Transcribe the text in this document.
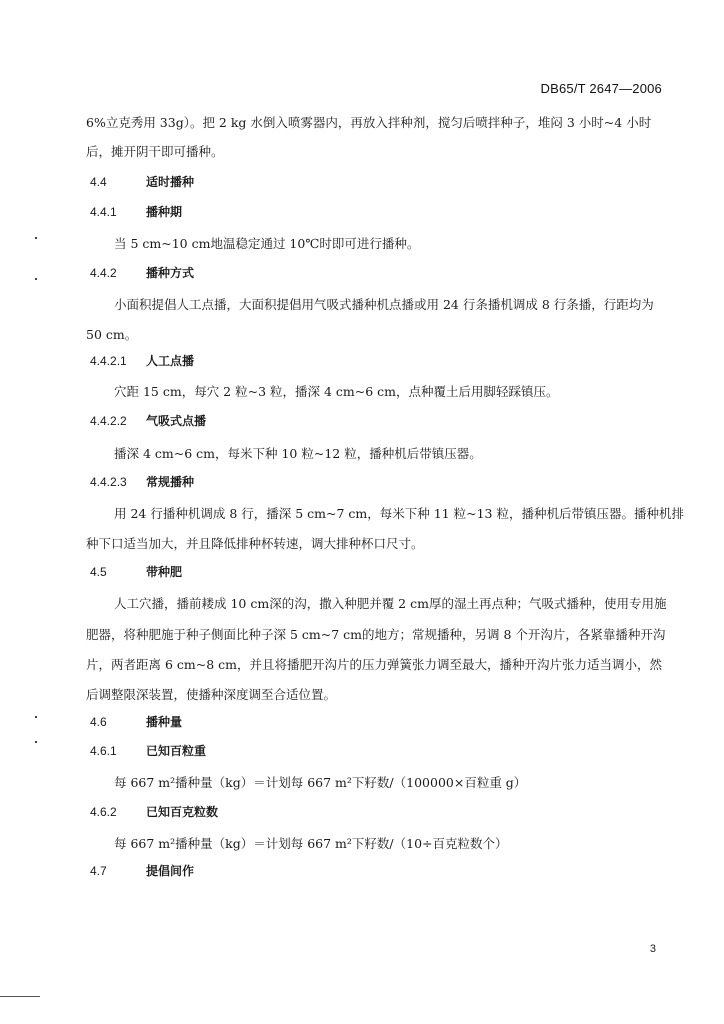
DB65/T 2647—2006
6%立克秀用 33g）。把 2 kg 水倒入喷雾器内，再放入拌种剂，搅匀后喷拌种子，堆闷 3 小时~4 小时
后，摊开阴干即可播种。
4.4	适时播种
4.4.1 播种期
当 5 cm~10 cm地温稳定通过 10℃时即可进行播种。
4.4.2 播种方式
小面积提倡人工点播，大面积提倡用气吸式播种机点播或用 24 行条播机调成 8 行条播，行距均为
50 cm。
4.4.2.1 人工点播
穴距 15 cm，每穴 2 粒~3 粒，播深 4 cm~6 cm，点种覆土后用脚轻踩镇压。
4.4.2.2 气吸式点播
播深 4 cm~6 cm，每米下种 10 粒~12 粒，播种机后带镇压器。
4.4.2.3 常规播种
用 24 行播种机调成 8 行，播深 5 cm~7 cm，每米下种 11 粒~13 粒，播种机后带镇压器。播种机排
种下口适当加大，并且降低排种杯转速，调大排种杯口尺寸。
4.5	带种肥
人工穴播，播前耧成 10 cm深的沟，撒入种肥并覆 2 cm厚的湿土再点种；气吸式播种，使用专用施
肥器，将种肥施于种子侧面比种子深 5 cm~7 cm的地方；常规播种，另调 8 个开沟片，各紧靠播种开沟
片，两者距离 6 cm~8 cm，并且将播肥开沟片的压力弹簧张力调至最大，播种开沟片张力适当调小，然
后调整限深装置，使播种深度调至合适位置。
4.6	播种量
4.6.1 已知百粒重
每 667 m²播种量（kg）＝计划每 667 m²下籽数/（100000×百粒重 g）
4.6.2 已知百克粒数
每 667 m²播种量（kg）＝计划每 667 m²下籽数/（10÷百克粒数个）
4.7	提倡间作
3
